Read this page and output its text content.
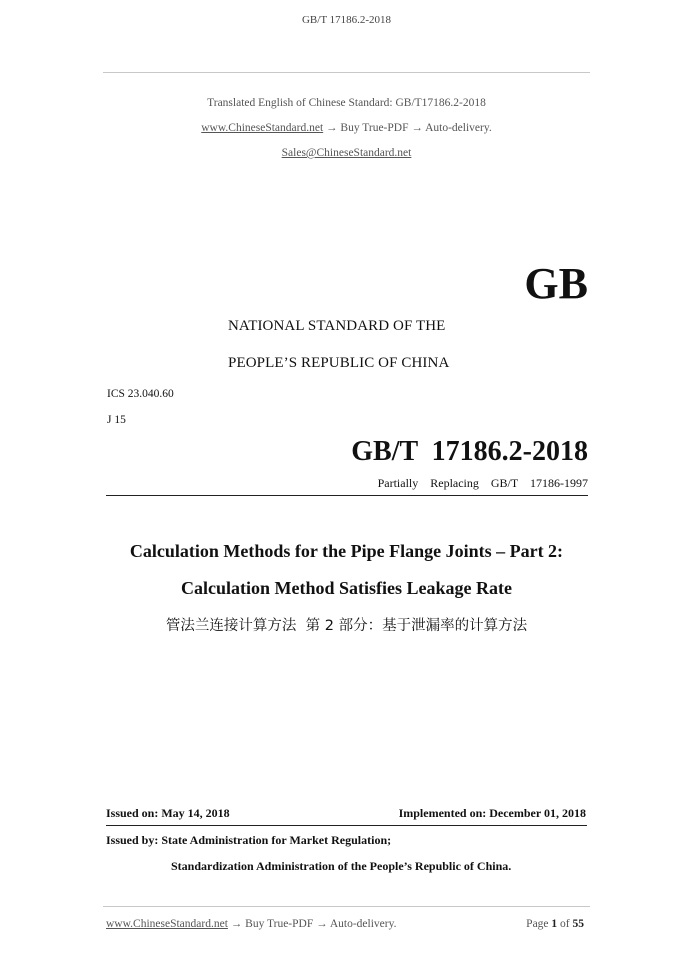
GB/T 17186.2-2018
Translated English of Chinese Standard: GB/T17186.2-2018
www.ChineseStandard.net → Buy True-PDF → Auto-delivery.
Sales@ChineseStandard.net
GB
NATIONAL STANDARD OF THE
PEOPLE’S REPUBLIC OF CHINA
ICS 23.040.60
J 15
GB/T  17186.2-2018
Partially  Replacing  GB/T  17186-1997
Calculation Methods for the Pipe Flange Joints – Part 2:
Calculation Method Satisfies Leakage Rate
管法兰连接计算方法  第 2 部分：基于泄漏率的计算方法
Issued on: May 14, 2018	Implemented on: December 01, 2018
Issued by: State Administration for Market Regulation;
Standardization Administration of the People’s Republic of China.
www.ChineseStandard.net → Buy True-PDF → Auto-delivery.	Page 1 of 55
